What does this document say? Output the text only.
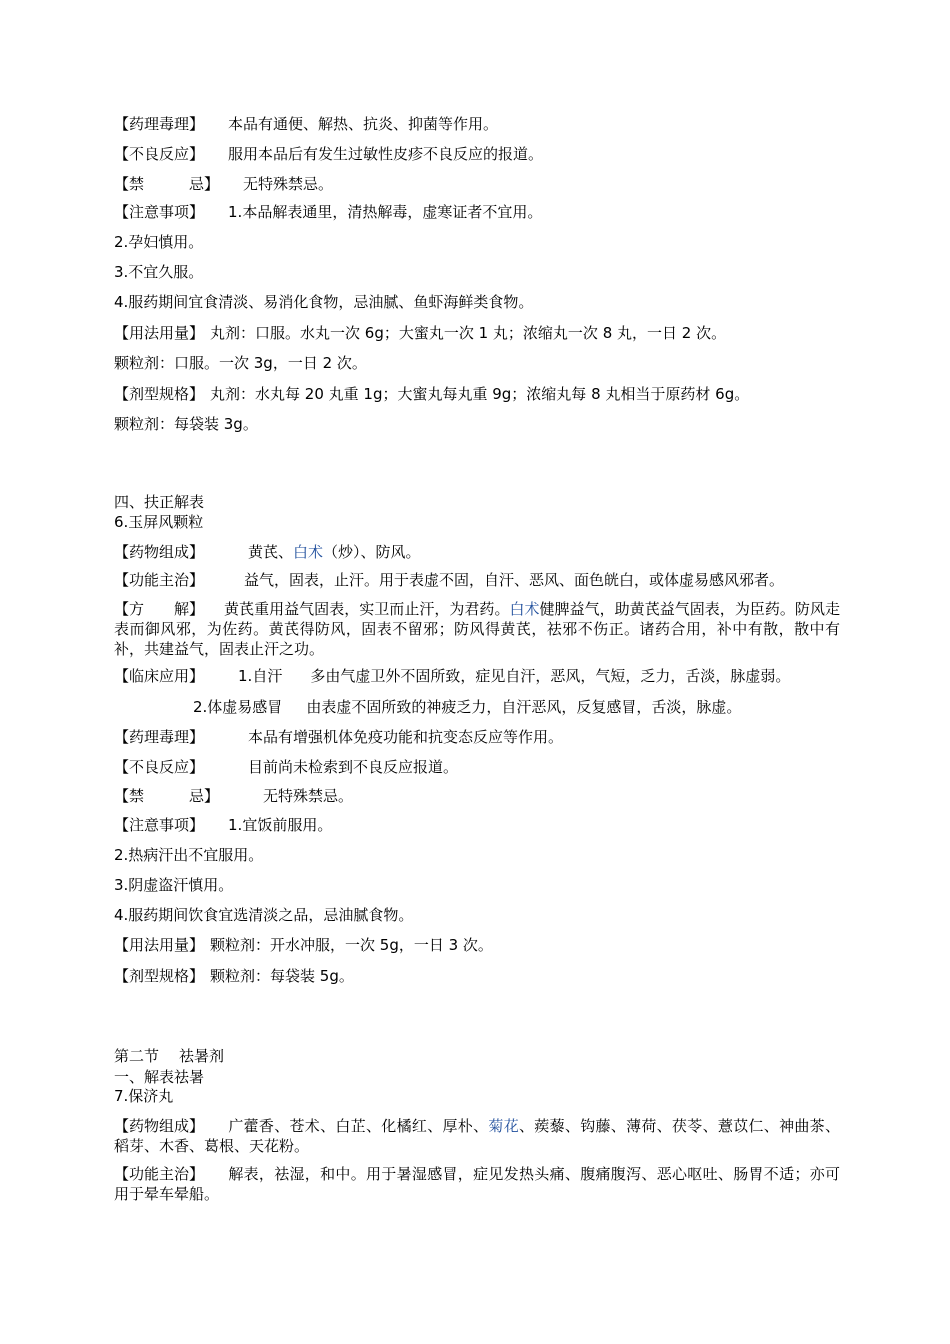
【药理毒理】 本品有通便、解热、抗炎、抑菌等作用。
【不良反应】 服用本品后有发生过敏性皮疹不良反应的报道。
【禁　　　忌】 无特殊禁忌。
【注意事项】 1.本品解表通里，清热解毒，虚寒证者不宜用。
2.孕妇慎用。
3.不宜久服。
4.服药期间宜食清淡、易消化食物，忌油腻、鱼虾海鲜类食物。
【用法用量】 丸剂：口服。水丸一次 6g；大蜜丸一次 1 丸；浓缩丸一次 8 丸，一日 2 次。
颗粒剂：口服。一次 3g，一日 2 次。
【剂型规格】 丸剂：水丸每 20 丸重 1g；大蜜丸每丸重 9g；浓缩丸每 8 丸相当于原药材 6g。
颗粒剂：每袋装 3g。
四、扶正解表
6.玉屏风颗粒
【药物组成】	黄芪、白术（炒）、防风。
【功能主治】	益气，固表，止汗。用于表虚不固，自汗、恶风、面色㿠白，或体虚易感风邪者。
【方　　解】 黄芪重用益气固表，实卫而止汗，为君药。白术健脾益气，助黄芪益气固表，为臣药。防风走表而御风邪，为佐药。黄芪得防风，固表不留邪；防风得黄芪，祛邪不伤正。诸药合用，补中有散，散中有补，共建益气，固表止汗之功。
【临床应用】 1.自汗 多由气虚卫外不固所致，症见自汗，恶风，气短，乏力，舌淡，脉虚弱。
2.体虚易感冒 由表虚不固所致的神疲乏力，自汗恶风，反复感冒，舌淡，脉虚。
【药理毒理】	本品有增强机体免疫功能和抗变态反应等作用。
【不良反应】	目前尚未检索到不良反应报道。
【禁　　　忌】	无特殊禁忌。
【注意事项】 1.宜饭前服用。
2.热病汗出不宜服用。
3.阴虚盗汗慎用。
4.服药期间饮食宜选清淡之品，忌油腻食物。
【用法用量】 颗粒剂：开水冲服，一次 5g，一日 3 次。
【剂型规格】 颗粒剂：每袋装 5g。
第二节 祛暑剂
一、解表祛暑
7.保济丸
【药物组成】 广藿香、苍术、白芷、化橘红、厚朴、菊花、蒺藜、钩藤、薄荷、茯苓、薏苡仁、神曲茶、稻芽、木香、葛根、天花粉。
【功能主治】 解表，祛湿，和中。用于暑湿感冒，症见发热头痛、腹痛腹泻、恶心呕吐、肠胃不适；亦可用于晕车晕船。
